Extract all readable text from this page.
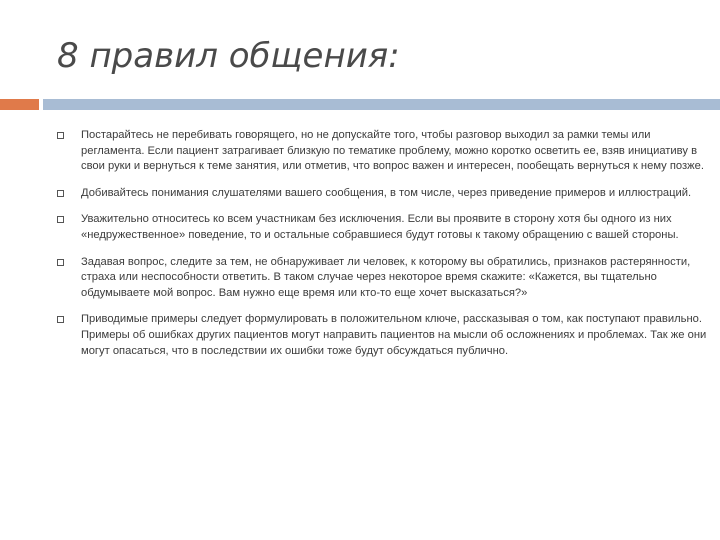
8 правил общения:
Постарайтесь не перебивать говорящего, но не допускайте того, чтобы разговор выходил за рамки темы или регламента. Если пациент затрагивает близкую по тематике проблему, можно коротко осветить ее, взяв инициативу в свои руки и вернуться к теме занятия, или отметив, что вопрос важен и интересен, пообещать вернуться к нему позже.
Добивайтесь понимания слушателями вашего сообщения, в том числе, через приведение примеров и иллюстраций.
Уважительно относитесь ко всем участникам без исключения. Если вы проявите в сторону хотя бы одного из них «недружественное» поведение, то и остальные собравшиеся будут готовы к такому обращению с вашей стороны.
Задавая вопрос, следите за тем, не обнаруживает ли человек, к которому вы обратились, признаков растерянности, страха или неспособности ответить. В таком случае через некоторое время скажите: «Кажется, вы тщательно обдумываете мой вопрос. Вам нужно еще время или кто-то еще хочет высказаться?»
Приводимые примеры следует формулировать в положительном ключе, рассказывая о том, как поступают правильно. Примеры об ошибках других пациентов могут направить пациентов на мысли об осложнениях и проблемах. Так же они могут опасаться, что в последствии их ошибки тоже будут обсуждаться публично.
